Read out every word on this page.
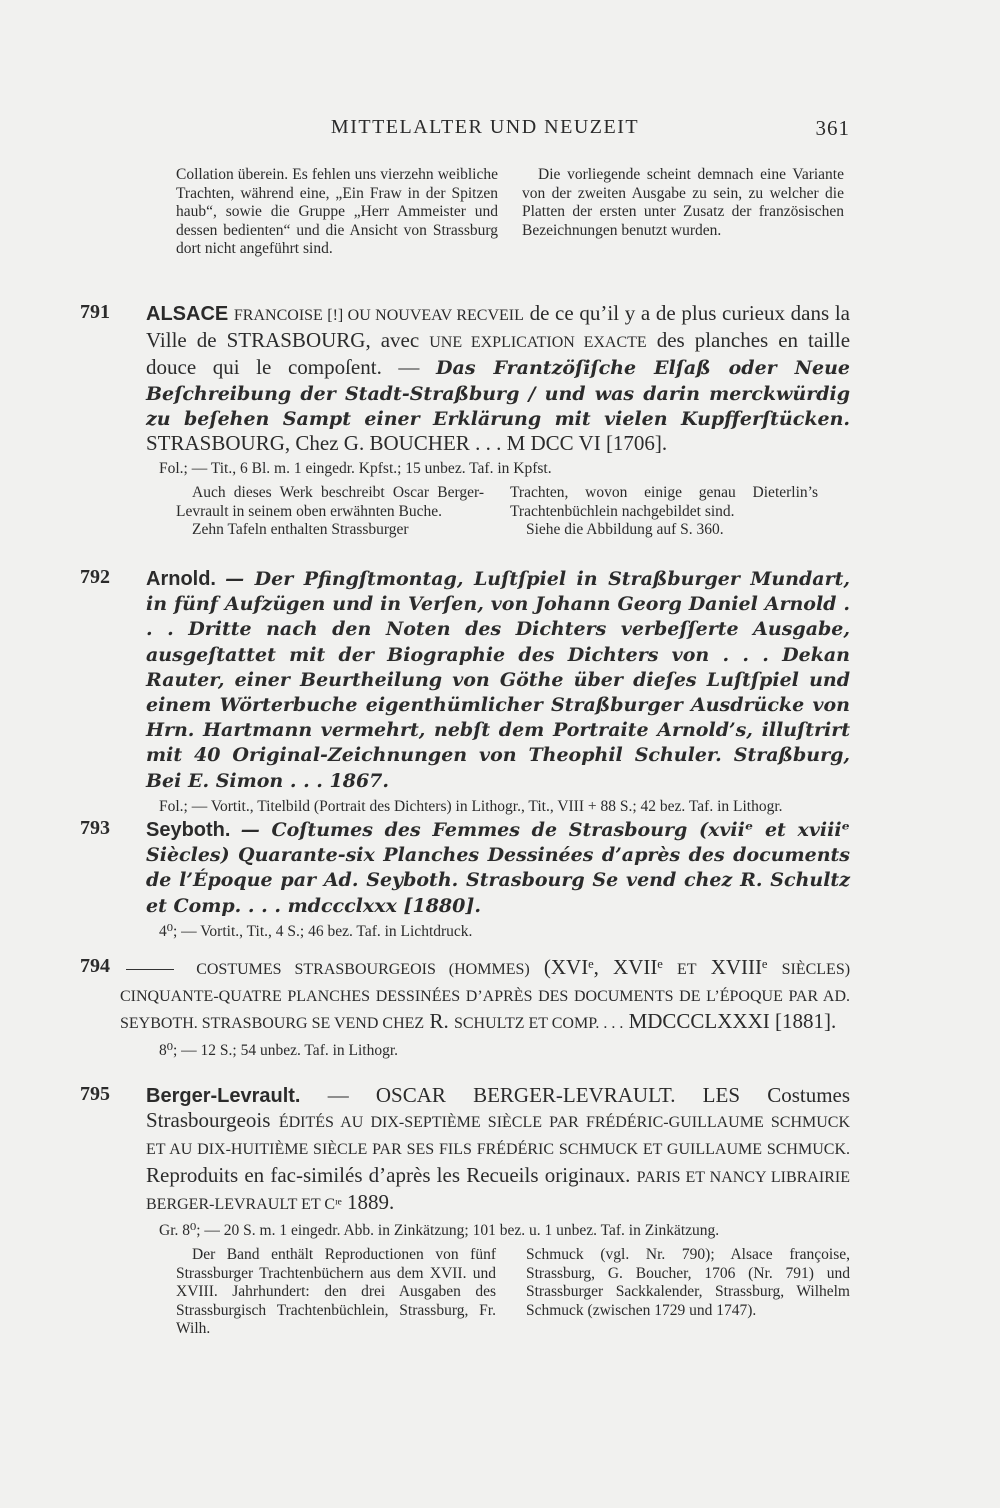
MITTELALTER UND NEUZEIT	361

Collation überein. Es fehlen uns vierzehn weibliche Trachten, während eine, „Ein Fraw in der Spitzen haub“, sowie die Gruppe „Herr Ammeister und dessen bedienten“ und die Ansicht von Strassburg dort nicht angeführt sind.

Die vorliegende scheint demnach eine Variante von der zweiten Ausgabe zu sein, zu welcher die Platten der ersten unter Zusatz der französischen Bezeichnungen benutzt wurden.

791 ALSACE FRANCOISE [!] OU NOUVEAV RECVEIL de ce qu’il y a de plus curieux dans la Ville de STRASBOURG, avec UNE EXPLICATION EXACTE des planches en taille douce qui le compoſent. — Das Frantzöſiſche Elſaß oder Neue Beſchreibung der Stadt-Straßburg / und was darin merckwürdig zu beſehen Sampt einer Erklärung mit vielen Kupfferſtücken. STRASBOURG, Chez G. BOUCHER . . . M DCC VI [1706].
Fol.; — Tit., 6 Bl. m. 1 eingedr. Kpfst.; 15 unbez. Taf. in Kpfst.

Auch dieses Werk beschreibt Oscar Berger-Levrault in seinem oben erwähnten Buche.

Zehn Tafeln enthalten Strassburger

Trachten, wovon einige genau Dieterlin’s Trachtenbüchlein nachgebildet sind.

Siehe die Abbildung auf S. 360.

792 Arnold. — Der Pfingſtmontag, Luſtſpiel in Straßburger Mundart, in fünf Aufzügen und in Verſen, von Johann Georg Daniel Arnold . . . Dritte nach den Noten des Dichters verbeſſerte Ausgabe, ausgeſtattet mit der Biographie des Dichters von . . . Dekan Rauter, einer Beurtheilung von Göthe über dieſes Luſtſpiel und einem Wörterbuche eigenthümlicher Straßburger Ausdrücke von Hrn. Hartmann vermehrt, nebſt dem Portraite Arnold’s, illuſtrirt mit 40 Original-Zeichnungen von Theophil Schuler. Straßburg, Bei E. Simon . . . 1867.

Fol.; — Vortit., Titelbild (Portrait des Dichters) in Lithogr., Tit., VIII + 88 S.; 42 bez. Taf. in Lithogr.

793 Seyboth. — Coſtumes des Femmes de Strasbourg (xviiᵉ et xviiiᵉ Siècles) Quarante-six Planches Dessinées d’après des documents de l’Époque par Ad. Seyboth. Strasbourg Se vend chez R. Schultz et Comp. . . . mdccclxxx [1880].
4⁰; — Vortit., Tit., 4 S.; 46 bez. Taf. in Lichtdruck.
794	COSTUMES STRASBOURGEOIS (HOMMES) (XVIᵉ, XVIIᵉ ET XVIIIᵉ SIÈCLES) CINQUANTE-QUATRE PLANCHES DESSINÉES D’APRÈS DES DOCUMENTS DE L’ÉPOQUE PAR AD. SEYBOTH. STRASBOURG SE VEND CHEZ R. SCHULTZ ET COMP. . . . MDCCCLXXXI [1881].
8⁰; — 12 S.; 54 unbez. Taf. in Lithogr.
795 Berger-Levrault. — OSCAR BERGER-LEVRAULT. LES Costumes Strasbourgeois ÉDITÉS AU DIX-SEPTIÈME SIÈCLE PAR FRÉDÉRIC-GUILLAUME SCHMUCK ET AU DIX-HUITIÈME SIÈCLE PAR SES FILS FRÉDÉRIC SCHMUCK ET GUILLAUME SCHMUCK. Reproduits en fac-similés d’après les Recueils originaux. PARIS ET NANCY LIBRAIRIE BERGER-LEVRAULT ET Cᶦᵉ 1889.

Gr. 8⁰; — 20 S. m. 1 eingedr. Abb. in Zinkätzung; 101 bez. u. 1 unbez. Taf. in Zinkätzung.

Der Band enthält Reproductionen von fünf Strassburger Trachtenbüchern aus dem XVII. und XVIII. Jahrhundert: den drei Ausgaben des Strassburgisch Trachtenbüchlein, Strassburg, Fr. Wilh.

Schmuck (vgl. Nr. 790); Alsace françoise, Strassburg, G. Boucher, 1706 (Nr. 791) und Strassburger Sackkalender, Strassburg, Wilhelm Schmuck (zwischen 1729 und 1747).
